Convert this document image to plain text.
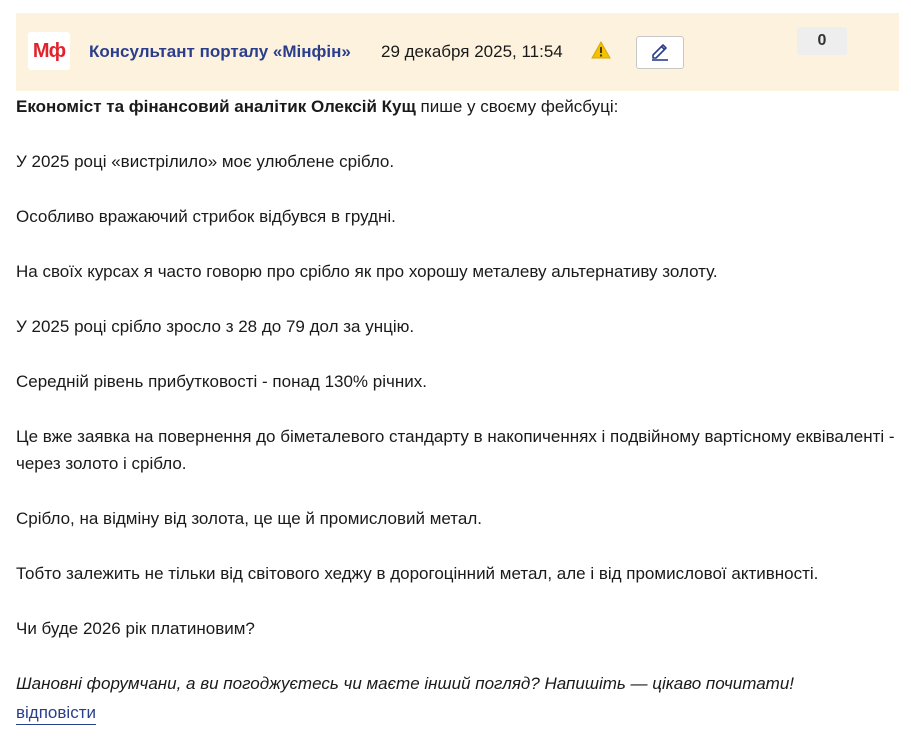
Мф Консультант порталу «Мінфін» 29 декабря 2025, 11:54
0

Економіст та фінансовий аналітик Олексій Кущ пише у своєму фейсбуці:

У 2025 році «вистрілило» моє улюблене срібло.

Особливо вражаючий стрибок відбувся в грудні.

На своїх курсах я часто говорю про срібло як про хорошу металеву альтернативу золоту.

У 2025 році срібло зросло з 28 до 79 дол за унцію.

Середній рівень прибутковості - понад 130% річних.

Це вже заявка на повернення до біметалевого стандарту в накопиченнях і подвійному вартісному еквіваленті - через золото і срібло.

Срібло, на відміну від золота, це ще й промисловий метал.

Тобто залежить не тільки від світового хеджу в дорогоцінний метал, але і від промислової активності.

Чи буде 2026 рік платиновим?

Шановні форумчани, а ви погоджуєтесь чи маєте інший погляд? Напишіть — цікаво почитати!

відповісти
